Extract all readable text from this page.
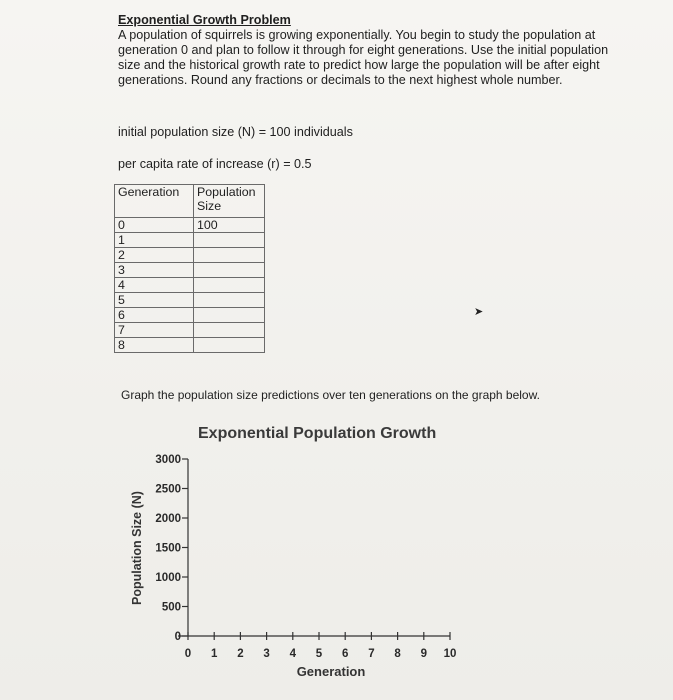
Exponential Growth Problem
A population of squirrels is growing exponentially. You begin to study the population at generation 0 and plan to follow it through for eight generations. Use the initial population size and the historical growth rate to predict how large the population will be after eight generations. Round any fractions or decimals to the next highest whole number.
initial population size (N) = 100 individuals
per capita rate of increase (r) = 0.5
Generation	Population Size
0	100
1	
2	
3	
4	
5	
6	
7	
8	
➤
Graph the population size predictions over ten generations on the graph below.
Exponential Population Growth
0
500
1000
1500
2000
2500
3000
0 1 2 3 4 5 6 7 8 9 10
Generation
Population Size (N)
